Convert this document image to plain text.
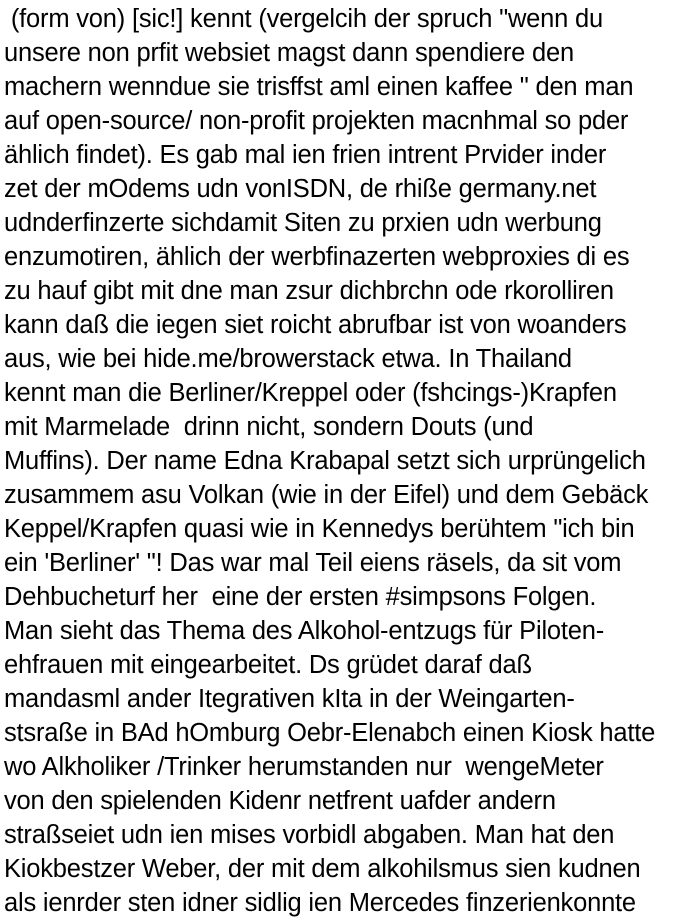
(form von) [sic!] kennt (vergelcih der spruch "wenn du
unsere non prfit websiet magst dann spendiere den
machern wenndue sie trisffst aml einen kaffee " den man
auf open-source/ non-profit projekten macnhmal so pder
ählich findet). Es gab mal ien frien intrent Prvider inder
zet der mOdems udn vonISDN, de rhiße germany.net
udnderfinzerte sichdamit Siten zu prxien udn werbung
enzumotiren, ählich der werbfinazerten webproxies di es
zu hauf gibt mit dne man zsur dichbrchn ode rkorolliren
kann daß die iegen siet roicht abrufbar ist von woanders
aus, wie bei hide.me/browerstack etwa. In Thailand
kennt man die Berliner/Kreppel oder (fshcings-)Krapfen
mit Marmelade  drinn nicht, sondern Douts (und
Muffins). Der name Edna Krabapal setzt sich urprüngelich
zusammem asu Volkan (wie in der Eifel) und dem Gebäck
Keppel/Krapfen quasi wie in Kennedys berühtem "ich bin
ein 'Berliner' "! Das war mal Teil eiens räsels, da sit vom
Dehbucheturf her  eine der ersten #simpsons Folgen.
Man sieht das Thema des Alkohol-entzugs für Piloten-
ehfrauen mit eingearbeitet. Ds grüdet daraf daß
mandasml ander Itegrativen kIta in der Weingarten-
stsraße in BAd hOmburg Oebr-Elenabch einen Kiosk hatte
wo Alkholiker /Trinker herumstanden nur  wengeMeter
von den spielenden Kidenr netfrent uafder andern
straßseiet udn ien mises vorbidl abgaben. Man hat den
Kiokbestzer Weber, der mit dem alkohilsmus sien kudnen
als ienrder sten idner sidlig ien Mercedes finzerienkonnte
